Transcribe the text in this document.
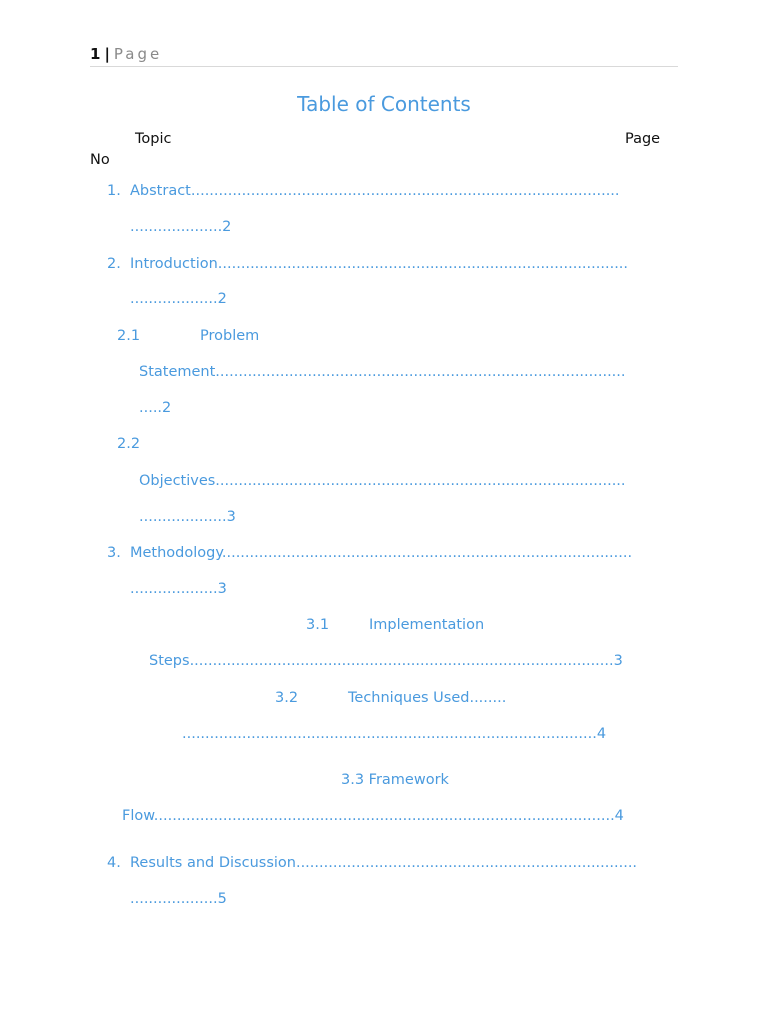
1 | Page
Table of Contents
Topic	Page
No
1. Abstract.............................................................................................
....................2
2. Introduction.........................................................................................
...................2
2.1	Problem
Statement.........................................................................................
.....2
2.2
Objectives.........................................................................................
...................3
3. Methodology.........................................................................................
...................3
3.1	Implementation
Steps............................................................................................3
3.2	Techniques Used........
..........................................................................................4
3.3 Framework
Flow....................................................................................................4
4. Results and Discussion..........................................................................
...................5
